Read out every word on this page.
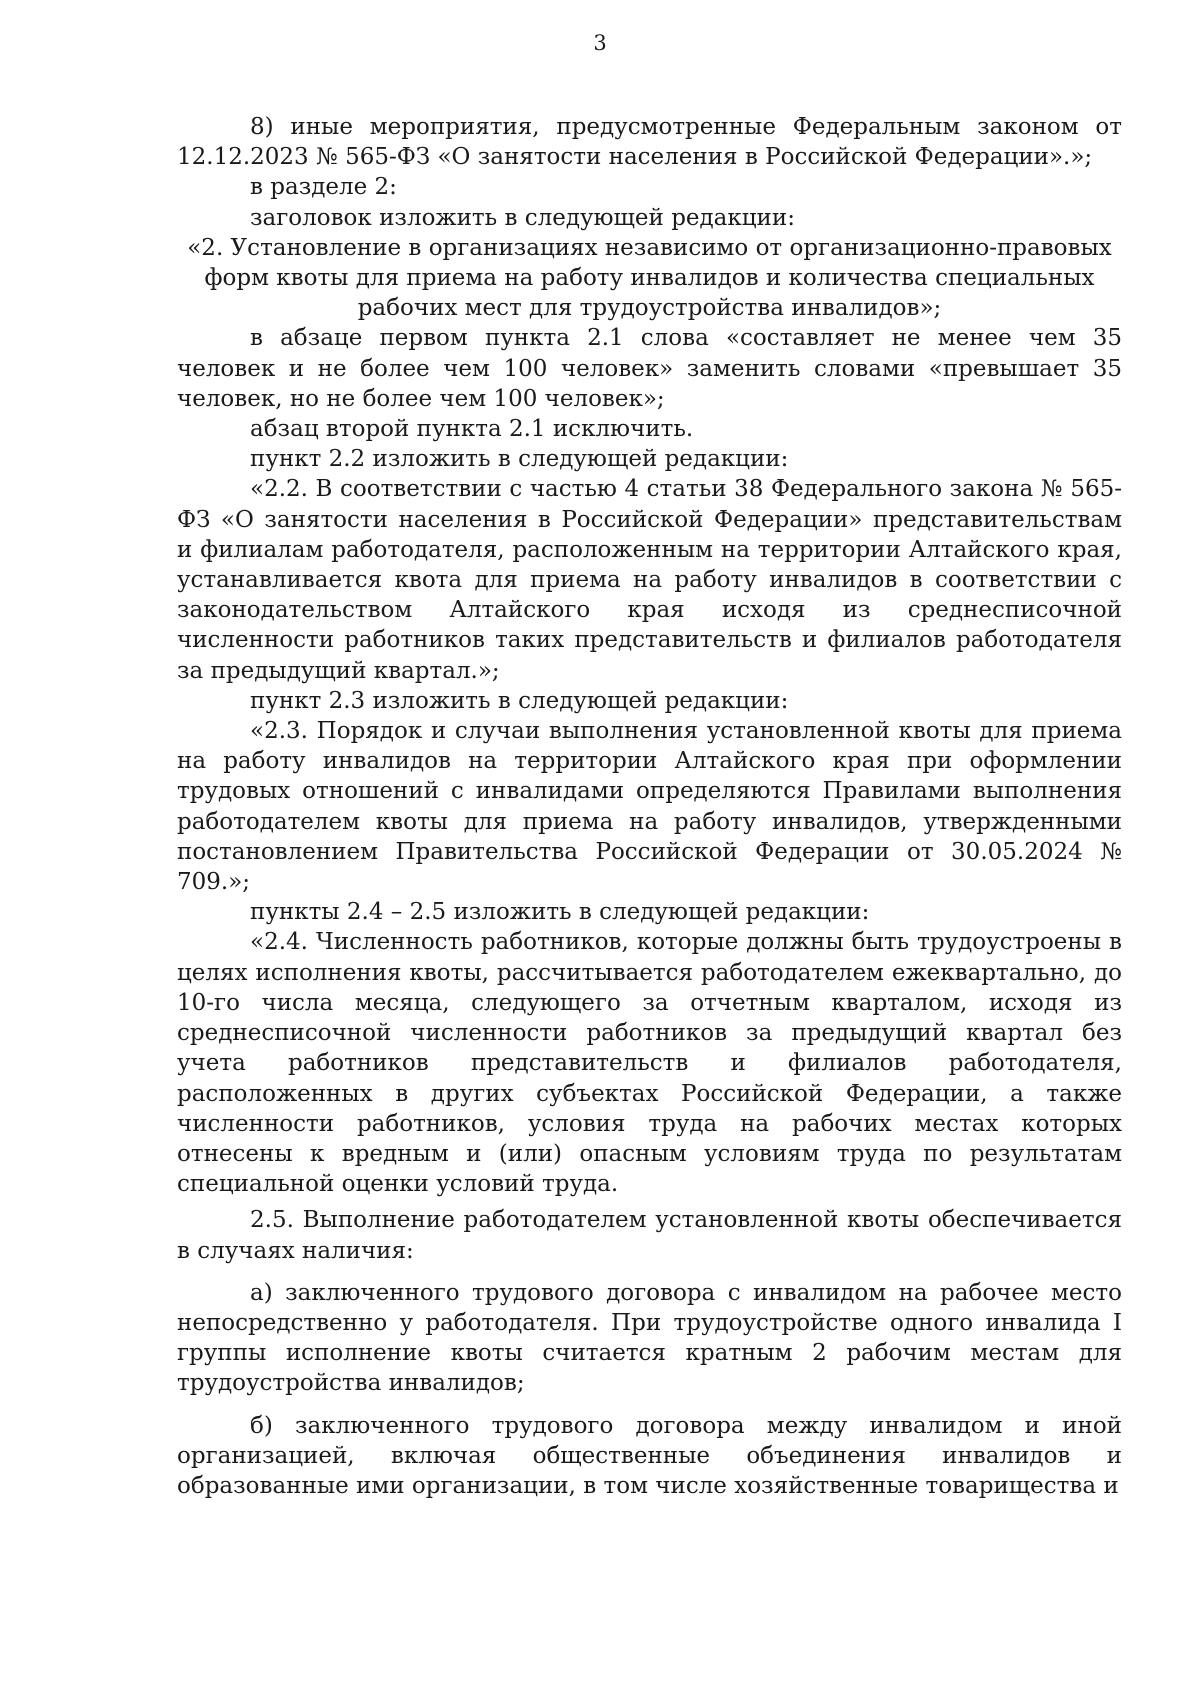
3

8) иные мероприятия, предусмотренные Федеральным законом от 12.12.2023 № 565-ФЗ «О занятости населения в Российской Федерации».»;

в разделе 2:

заголовок изложить в следующей редакции:

«2. Установление в организациях независимо от организационно-правовых форм квоты для приема на работу инвалидов и количества специальных рабочих мест для трудоустройства инвалидов»;

в абзаце первом пункта 2.1 слова «составляет не менее чем 35 человек и не более чем 100 человек» заменить словами «превышает 35 человек, но не более чем 100 человек»;

абзац второй пункта 2.1 исключить.

пункт 2.2 изложить в следующей редакции:

«2.2. В соответствии с частью 4 статьи 38 Федерального закона № 565-ФЗ «О занятости населения в Российской Федерации» представительствам и филиалам работодателя, расположенным на территории Алтайского края, устанавливается квота для приема на работу инвалидов в соответствии с законодательством Алтайского края исходя из среднесписочной численности работников таких представительств и филиалов работодателя за предыдущий квартал.»;

пункт 2.3 изложить в следующей редакции:

«2.3. Порядок и случаи выполнения установленной квоты для приема на работу инвалидов на территории Алтайского края при оформлении трудовых отношений с инвалидами определяются Правилами выполнения работодателем квоты для приема на работу инвалидов, утвержденными постановлением Правительства Российской Федерации от 30.05.2024 № 709.»;

пункты 2.4 – 2.5 изложить в следующей редакции:

«2.4. Численность работников, которые должны быть трудоустроены в целях исполнения квоты, рассчитывается работодателем ежеквартально, до 10-го числа месяца, следующего за отчетным кварталом, исходя из среднесписочной численности работников за предыдущий квартал без учета работников представительств и филиалов работодателя, расположенных в других субъектах Российской Федерации, а также численности работников, условия труда на рабочих местах которых отнесены к вредным и (или) опасным условиям труда по результатам специальной оценки условий труда.

2.5. Выполнение работодателем установленной квоты обеспечивается в случаях наличия:

а) заключенного трудового договора с инвалидом на рабочее место непосредственно у работодателя. При трудоустройстве одного инвалида I группы исполнение квоты считается кратным 2 рабочим местам для трудоустройства инвалидов;

б) заключенного трудового договора между инвалидом и иной организацией, включая общественные объединения инвалидов и образованные ими организации, в том числе хозяйственные товарищества и
